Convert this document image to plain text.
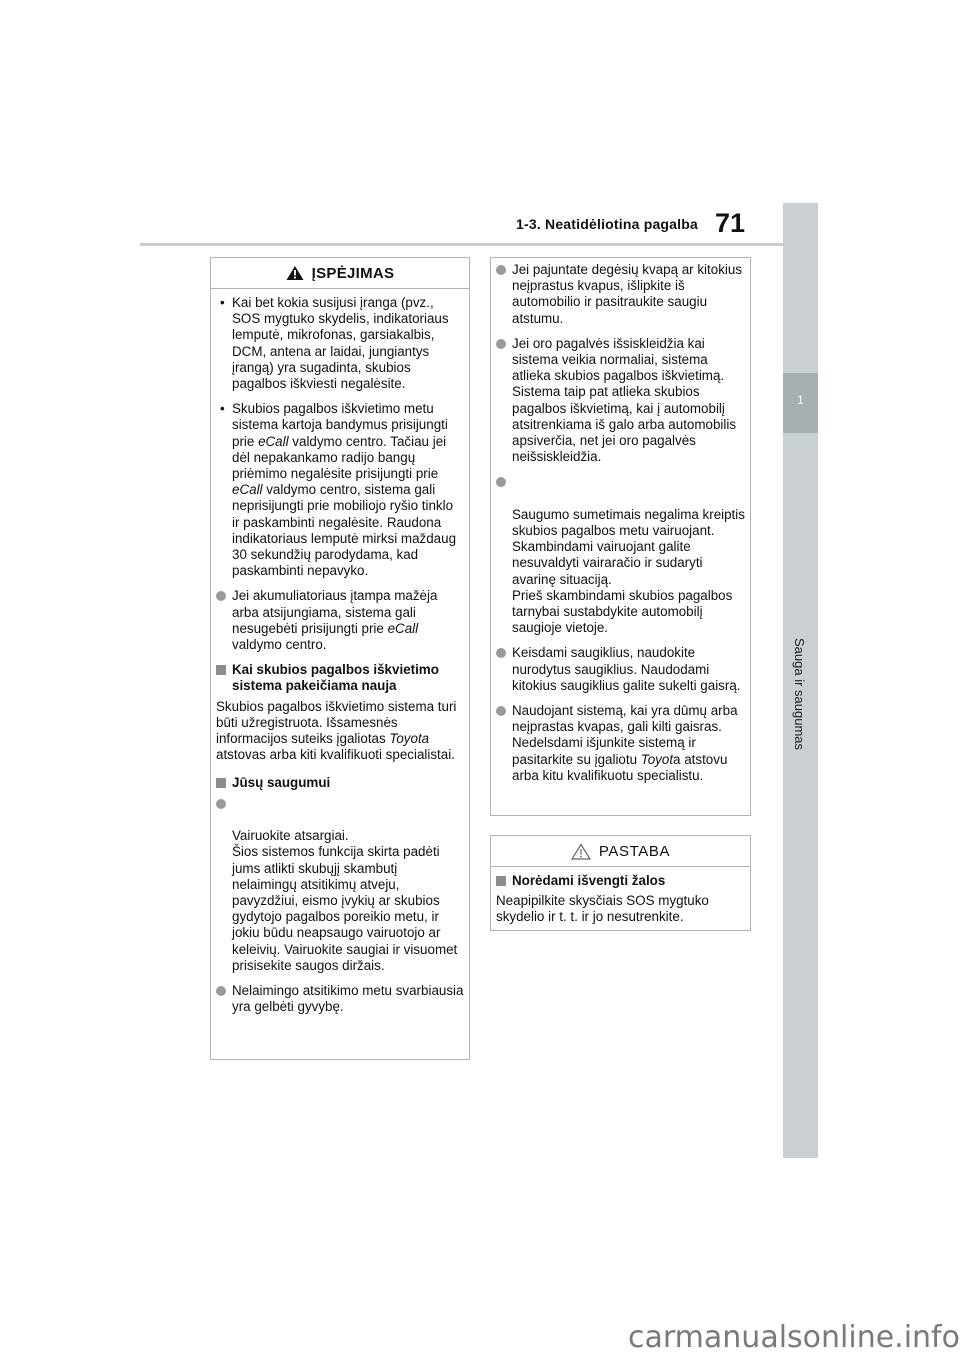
1-3. Neatidėliotina pagalba 71
1
Sauga ir saugumas
ĮSPĖJIMAS
• Kai bet kokia susijusi įranga (pvz., SOS mygtuko skydelis, indikatoriaus lemputė, mikrofonas, garsiakalbis, DCM, antena ar laidai, jungiantys įrangą) yra sugadinta, skubios pagalbos iškviesti negalėsite.
• Skubios pagalbos iškvietimo metu sistema kartoja bandymus prisijungti prie eCall valdymo centro. Tačiau jei dėl nepakankamo radijo bangų priėmimo negalėsite prisijungti prie eCall valdymo centro, sistema gali neprisijungti prie mobiliojo ryšio tinklo ir paskambinti negalėsite. Raudona indikatoriaus lemputė mirksi maždaug 30 sekundžių parodydama, kad paskambinti nepavyko.
Jei akumuliatoriaus įtampa mažėja arba atsijungiama, sistema gali nesugebėti prisijungti prie eCall valdymo centro.
Kai skubios pagalbos iškvietimo sistema pakeičiama nauja
Skubios pagalbos iškvietimo sistema turi būti užregistruota. Išsamesnės informacijos suteiks įgaliotas Toyota atstovas arba kiti kvalifikuoti specialistai.
Jūsų saugumui

Vairuokite atsargiai.
Šios sistemos funkcija skirta padėti jums atlikti skubųjį skambutį nelaimingų atsitikimų atveju, pavyzdžiui, eismo įvykių ar skubios gydytojo pagalbos poreikio metu, ir jokiu būdu neapsaugo vairuotojo ar keleivių. Vairuokite saugiai ir visuomet prisisekite saugos diržais.

Nelaimingo atsitikimo metu svarbiausia yra gelbėti gyvybę.
Jei pajuntate degėsių kvapą ar kitokius neįprastus kvapus, išlipkite iš automobilio ir pasitraukite saugiu atstumu.
Jei oro pagalvės išsiskleidžia kai sistema veikia normaliai, sistema atlieka skubios pagalbos iškvietimą. Sistema taip pat atlieka skubios pagalbos iškvietimą, kai į automobilį atsitrenkiama iš galo arba automobilis apsiverčia, net jei oro pagalvės neišsiskleidžia.

Saugumo sumetimais negalima kreiptis skubios pagalbos metu vairuojant.
Skambindami vairuojant galite nesuvaldyti vairaračio ir sudaryti avarinę situaciją.
Prieš skambindami skubios pagalbos tarnybai sustabdykite automobilį saugioje vietoje.

Keisdami saugiklius, naudokite nurodytus saugiklius. Naudodami kitokius saugiklius galite sukelti gaisrą.
Naudojant sistemą, kai yra dūmų arba neįprastas kvapas, gali kilti gaisras. Nedelsdami išjunkite sistemą ir pasitarkite su įgaliotu Toyota atstovu arba kitu kvalifikuotu specialistu.
PASTABA
Norėdami išvengti žalos
Neapipilkite skysčiais SOS mygtuko skydelio ir t. t. ir jo nesutrenkite.
carmanualsonline.info
